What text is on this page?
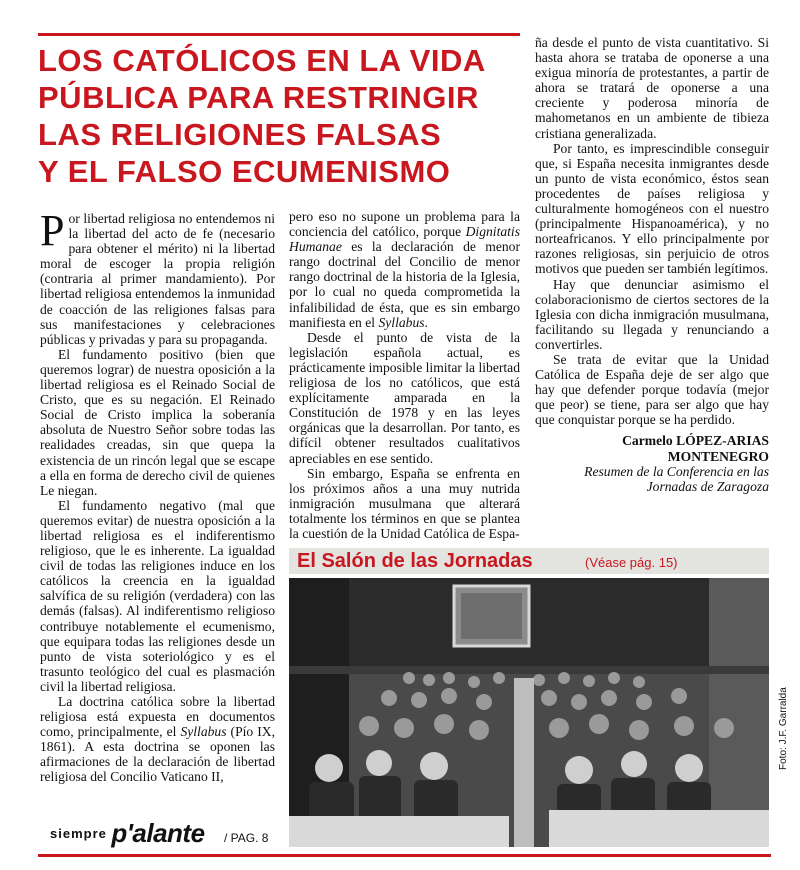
LOS CATÓLICOS EN LA VIDA
PÚBLICA PARA RESTRINGIR
LAS RELIGIONES FALSAS
Y EL FALSO ECUMENISMO

Por libertad religiosa no entendemos ni la libertad del acto de fe (necesario para obtener el mérito) ni la libertad moral de escoger la propia religión (contraria al primer mandamiento). Por libertad religiosa entendemos la inmunidad de coacción de las religiones falsas para sus manifestaciones y celebraciones públicas y privadas y para su propaganda.

El fundamento positivo (bien que queremos lograr) de nuestra oposición a la libertad religiosa es el Reinado Social de Cristo, que es su negación. El Reinado Social de Cristo implica la soberanía absoluta de Nuestro Señor sobre todas las realidades creadas, sin que quepa la existencia de un rincón legal que se escape a ella en forma de derecho civil de quienes Le niegan.

El fundamento negativo (mal que queremos evitar) de nuestra oposición a la libertad religiosa es el indiferentismo religioso, que le es inherente. La igualdad civil de todas las religiones induce en los católicos la creencia en la igualdad salvífica de su religión (verdadera) con las demás (falsas). Al indiferentismo religioso contribuye notablemente el ecumenismo, que equipara todas las religiones desde un punto de vista soteriológico y es el trasunto teológico del cual es plasmación civil la libertad religiosa.

La doctrina católica sobre la libertad religiosa está expuesta en documentos como, principalmente, el Syllabus (Pío IX, 1861). A esta doctrina se oponen las afirmaciones de la declaración de libertad religiosa del Concilio Vaticano II,

pero eso no supone un problema para la conciencia del católico, porque Dignitatis Humanae es la declaración de menor rango doctrinal del Concilio de menor rango doctrinal de la historia de la Iglesia, por lo cual no queda comprometida la infalibilidad de ésta, que es sin embargo manifiesta en el Syllabus.

Desde el punto de vista de la legislación española actual, es prácticamente imposible limitar la libertad religiosa de los no católicos, que está explícitamente amparada en la Constitución de 1978 y en las leyes orgánicas que la desarrollan. Por tanto, es difícil obtener resultados cualitativos apreciables en ese sentido.

Sin embargo, España se enfrenta en los próximos años a una muy nutrida inmigración musulmana que alterará totalmente los términos en que se plantea la cuestión de la Unidad Católica de Espa-

ña desde el punto de vista cuantitativo. Si hasta ahora se trataba de oponerse a una exigua minoría de protestantes, a partir de ahora se tratará de oponerse a una creciente y poderosa minoría de mahometanos en un ambiente de tibieza cristiana generalizada.

Por tanto, es imprescindible conseguir que, si España necesita inmigrantes desde un punto de vista económico, éstos sean procedentes de países religiosa y culturalmente homogéneos con el nuestro (principalmente Hispanoamérica), y no norteafricanos. Y ello principalmente por razones religiosas, sin perjuicio de otros motivos que pueden ser también legítimos.

Hay que denunciar asimismo el colaboracionismo de ciertos sectores de la Iglesia con dicha inmigración musulmana, facilitando su llegada y renunciando a convertirles.

Se trata de evitar que la Unidad Católica de España deje de ser algo que hay que defender porque todavía (mejor que peor) se tiene, para ser algo que hay que conquistar porque se ha perdido.

Carmelo LÓPEZ-ARIAS
MONTENEGRO
Resumen de la Conferencia en las
Jornadas de Zaragoza
El Salón de las Jornadas	(Véase pág. 15)
Foto: J.F. Garralda
siempre p'alante / PAG. 8
